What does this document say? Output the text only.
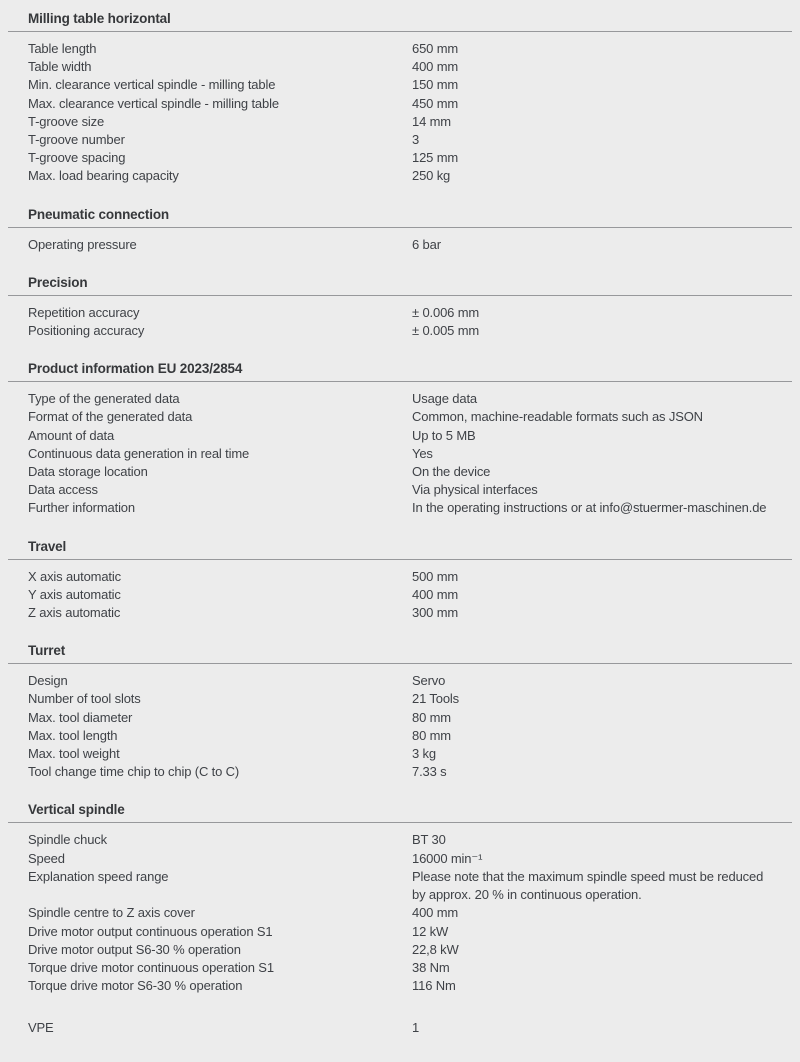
Milling table horizontal
Table length	650 mm
Table width	400 mm
Min. clearance vertical spindle - milling table	150 mm
Max. clearance vertical spindle - milling table	450 mm
T-groove size	14 mm
T-groove number	3
T-groove spacing	125 mm
Max. load bearing capacity	250 kg
Pneumatic connection
Operating pressure	6 bar
Precision
Repetition accuracy	± 0.006 mm
Positioning accuracy	± 0.005 mm
Product information EU 2023/2854
Type of the generated data	Usage data
Format of the generated data	Common, machine-readable formats such as JSON
Amount of data	Up to 5 MB
Continuous data generation in real time	Yes
Data storage location	On the device
Data access	Via physical interfaces
Further information	In the operating instructions or at info@stuermer-maschinen.de
Travel
X axis automatic	500 mm
Y axis automatic	400 mm
Z axis automatic	300 mm
Turret
Design	Servo
Number of tool slots	21 Tools
Max. tool diameter	80 mm
Max. tool length	80 mm
Max. tool weight	3 kg
Tool change time chip to chip (C to C)	7.33 s
Vertical spindle
Spindle chuck	BT 30
Speed	16000 min⁻¹
Explanation speed range	Please note that the maximum spindle speed must be reduced by approx. 20 % in continuous operation.
Spindle centre to Z axis cover	400 mm
Drive motor output continuous operation S1	12 kW
Drive motor output S6-30 % operation	22,8 kW
Torque drive motor continuous operation S1	38 Nm
Torque drive motor S6-30 % operation	116 Nm
VPE	1
